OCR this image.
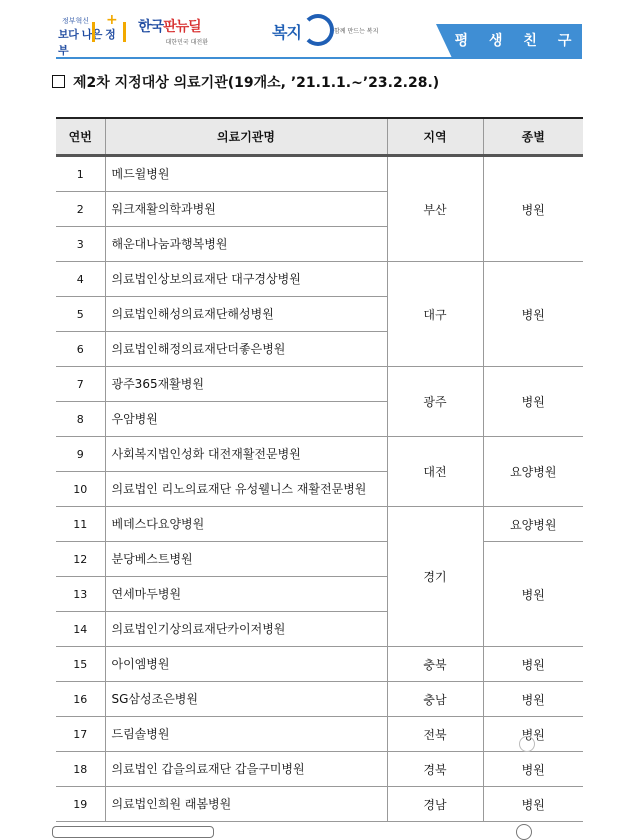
정부혁신
보다 나은 정부
+ 한국판뉴딜
대한민국 대전환
복지	함께 만드는 복지
평 생 친 구
제2차 지정대상 의료기관(19개소, ’21.1.1.~’23.2.28.)
연번	의료기관명	지역	종별
1	메드윌병원	부산	병원
2	워크재활의학과병원		
3	해운대나눔과행복병원		
4	의료법인상보의료재단 대구경상병원	대구	병원
5	의료법인해성의료재단해성병원		
6	의료법인해정의료재단더좋은병원		
7	광주365재활병원	광주	병원
8	우암병원		
9	사회복지법인성화 대전재활전문병원	대전	요양병원
10	의료법인 리노의료재단 유성웰니스 재활전문병원		
11	베데스다요양병원	경기	요양병원
12	분당베스트병원		병원
13	연세마두병원		
14	의료법인기상의료재단카이저병원		
15	아이엠병원	충북	병원
16	SG삼성조은병원	충남	병원
17	드림솔병원	전북	병원
18	의료법인 갑을의료재단 갑을구미병원	경북	병원
19	의료법인희원 래봄병원	경남	병원
